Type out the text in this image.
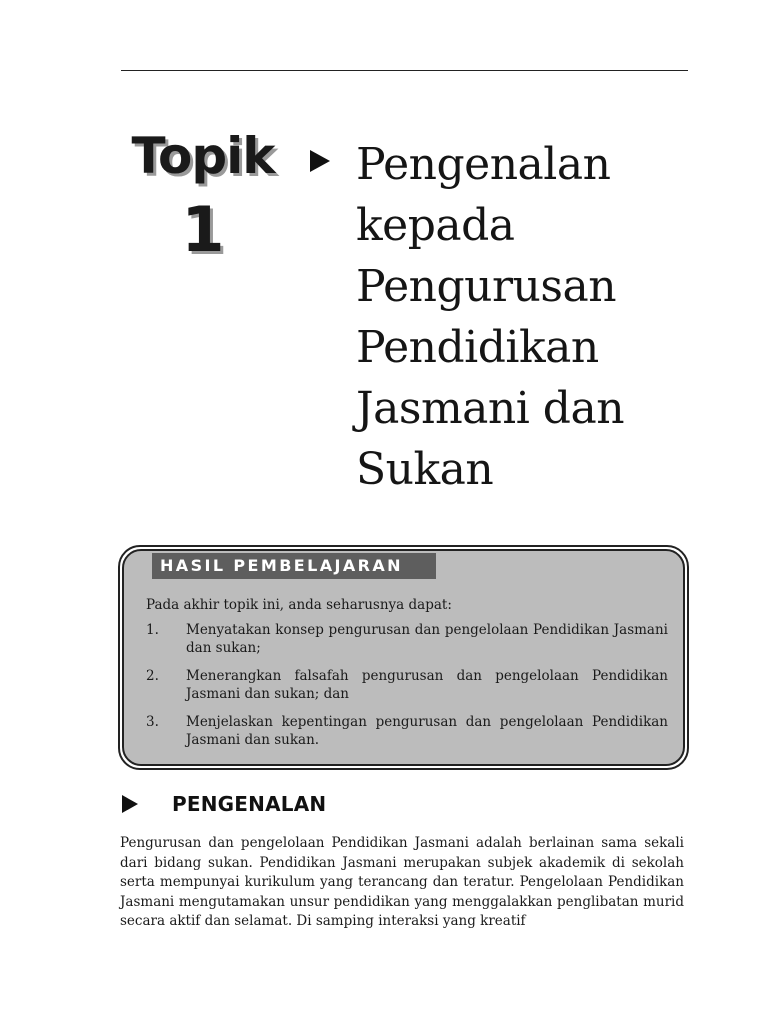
Topik
1
Pengenalan
kepada
Pengurusan
Pendidikan
Jasmani dan
Sukan
HASIL PEMBELAJARAN

Pada akhir topik ini, anda seharusnya dapat:

1. Menyatakan konsep pengurusan dan pengelolaan Pendidikan Jasmani dan sukan;
2. Menerangkan falsafah pengurusan dan pengelolaan Pendidikan Jasmani dan sukan; dan
3. Menjelaskan kepentingan pengurusan dan pengelolaan Pendidikan Jasmani dan sukan.
PENGENALAN

Pengurusan dan pengelolaan Pendidikan Jasmani adalah berlainan sama sekali dari bidang sukan. Pendidikan Jasmani merupakan subjek akademik di sekolah serta mempunyai kurikulum yang terancang dan teratur. Pengelolaan Pendidikan Jasmani mengutamakan unsur pendidikan yang menggalakkan penglibatan murid secara aktif dan selamat. Di samping interaksi yang kreatif
